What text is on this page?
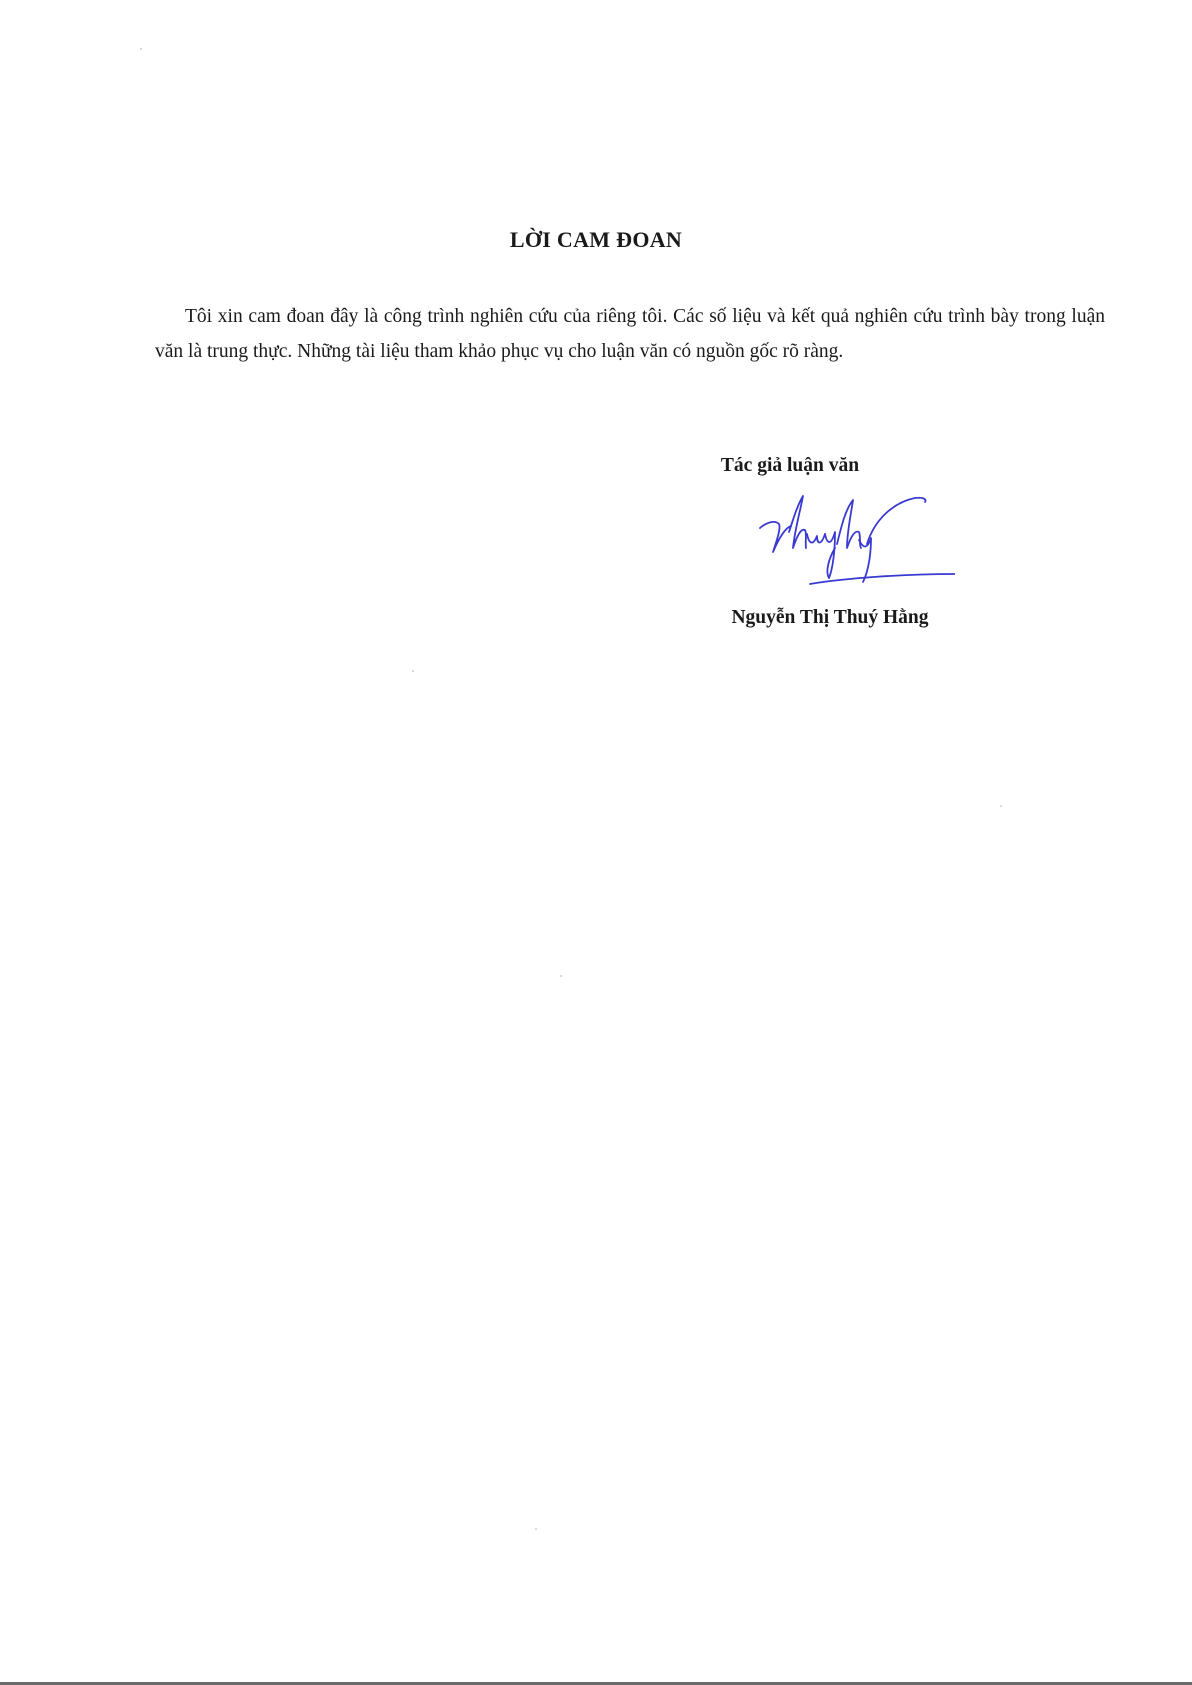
LỜI CAM ĐOAN
Tôi xin cam đoan đây là công trình nghiên cứu của riêng tôi. Các số liệu và kết quả nghiên cứu trình bày trong luận văn là trung thực. Những tài liệu tham khảo phục vụ cho luận văn có nguồn gốc rõ ràng.
Tác giả luận văn
Nguyễn Thị Thuý Hằng
